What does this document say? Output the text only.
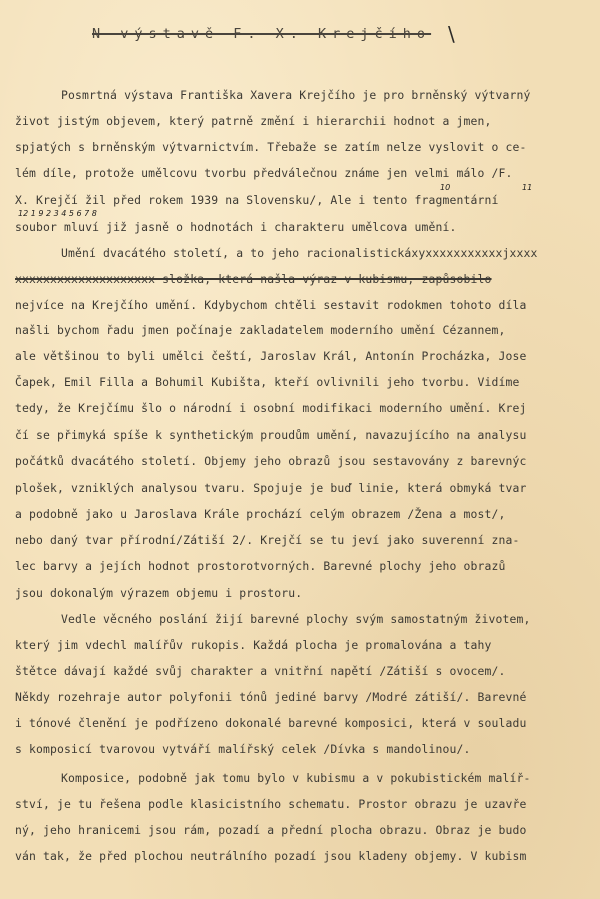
N výstavě F. X. Krejčího \
Posmrtná výstava Františka Xavera Krejčího je pro brněnský výtvarný
život jistým objevem, který patrně změní i hierarchii hodnot a jmen,
spjatých s brněnským výtvarnictvím. Třebaže se zatím nelze vyslovit o ce-
lém díle, protože umělcovu tvorbu předválečnou známe jen velmi málo /F.
10	11
X. Krejčí žil před rokem 1939 na Slovensku/, Ale i tento fragmentární
12 1 9 2 3 4 5 6 7 8
soubor mluví již jasně o hodnotách i charakteru umělcova umění.
Umění dvacátého století, a to jeho racionalistickáxyxxxxxxxxxxxjxxxx
xxxxxxxxxxxxxxxxxxxx složka, která našla výraz v kubismu, zapůsobilo
nejvíce na Krejčího umění. Kdybychom chtěli sestavit rodokmen tohoto díla
našli bychom řadu jmen počínaje zakladatelem moderního umění Cézannem,
ale většinou to byli umělci čeští, Jaroslav Král, Antonín Procházka, Jose
Čapek, Emil Filla a Bohumil Kubišta, kteří ovlivnili jeho tvorbu. Vidíme
tedy, že Krejčímu šlo o národní i osobní modifikaci moderního umění. Krej
čí se přimyká spíše k synthetickým proudům umění, navazujícího na analysu
počátků dvacátého století. Objemy jeho obrazů jsou sestavovány z barevnýc
plošek, vzniklých analysou tvaru. Spojuje je buď linie, která obmyká tvar
a podobně jako u Jaroslava Krále prochází celým obrazem /Žena a most/,
nebo daný tvar přírodní/Zátiší 2/. Krejčí se tu jeví jako suverenní zna-
lec barvy a jejích hodnot prostorotvorných. Barevné plochy jeho obrazů
jsou dokonalým výrazem objemu i prostoru.
Vedle věcného poslání žijí barevné plochy svým samostatným životem,
který jim vdechl malířův rukopis. Každá plocha je promalována a tahy
štětce dávají každé svůj charakter a vnitřní napětí /Zátiší s ovocem/.
Někdy rozehraje autor polyfonii tónů jediné barvy /Modré zátiší/. Barevné
i tónové členění je podřízeno dokonalé barevné komposici, která v souladu
s komposicí tvarovou vytváří malířský celek /Dívka s mandolinou/.
Komposice, podobně jak tomu bylo v kubismu a v pokubistickém malíř-
ství, je tu řešena podle klasicistního schematu. Prostor obrazu je uzavře
ný, jeho hranicemi jsou rám, pozadí a přední plocha obrazu. Obraz je budo
ván tak, že před plochou neutrálního pozadí jsou kladeny objemy. V kubism
